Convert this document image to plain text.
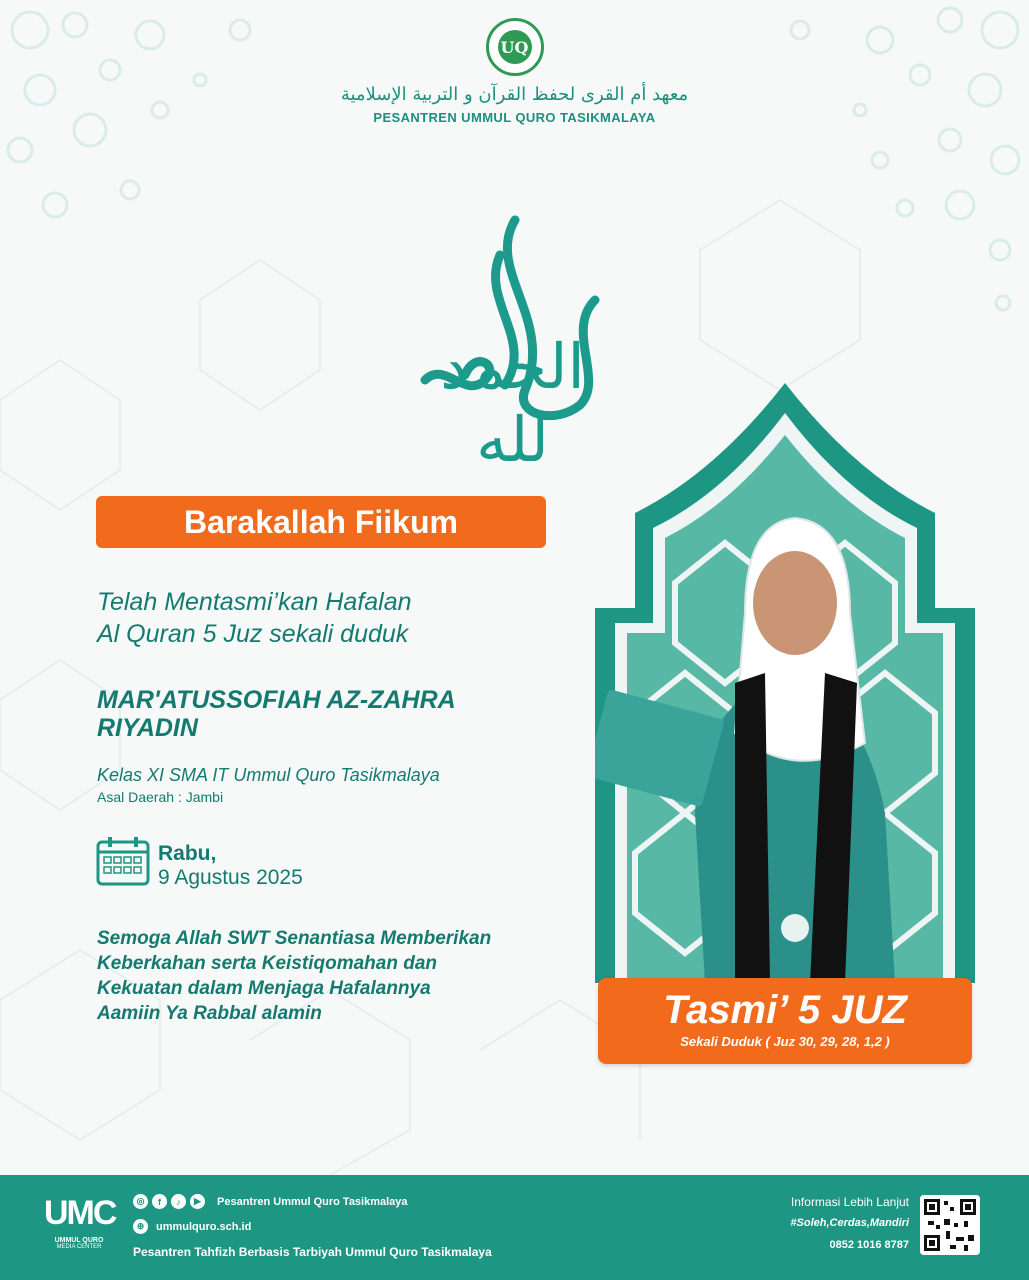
UQ
معهد أم القرى لحفظ القرآن و التربية الإسلامية
PESANTREN UMMUL QURO TASIKMALAYA
الحمد لله
Barakallah Fiikum
Telah Mentasmi’kan Hafalan
Al Quran 5 Juz sekali duduk
MAR'ATUSSOFIAH AZ-ZAHRA
RIYADIN
Kelas XI SMA IT Ummul Quro Tasikmalaya
Asal Daerah : Jambi
Rabu,
9 Agustus 2025
Semoga Allah SWT Senantiasa Memberikan
Keberkahan serta Keistiqomahan dan
Kekuatan dalam Menjaga Hafalannya
Aamiin Ya Rabbal alamin	Tasmi’ 5 JUZ
Sekali Duduk ( Juz 30, 29, 28, 1,2 )
UMC
UMMUL QURO
MEDIA CENTER
◎	f	♪	▶	Pesantren Ummul Quro Tasikmalaya
⊕	ummulquro.sch.id
Pesantren Tahfizh Berbasis Tarbiyah Ummul Quro Tasikmalaya
Informasi Lebih Lanjut
#Soleh,Cerdas,Mandiri
0852 1016 8787
